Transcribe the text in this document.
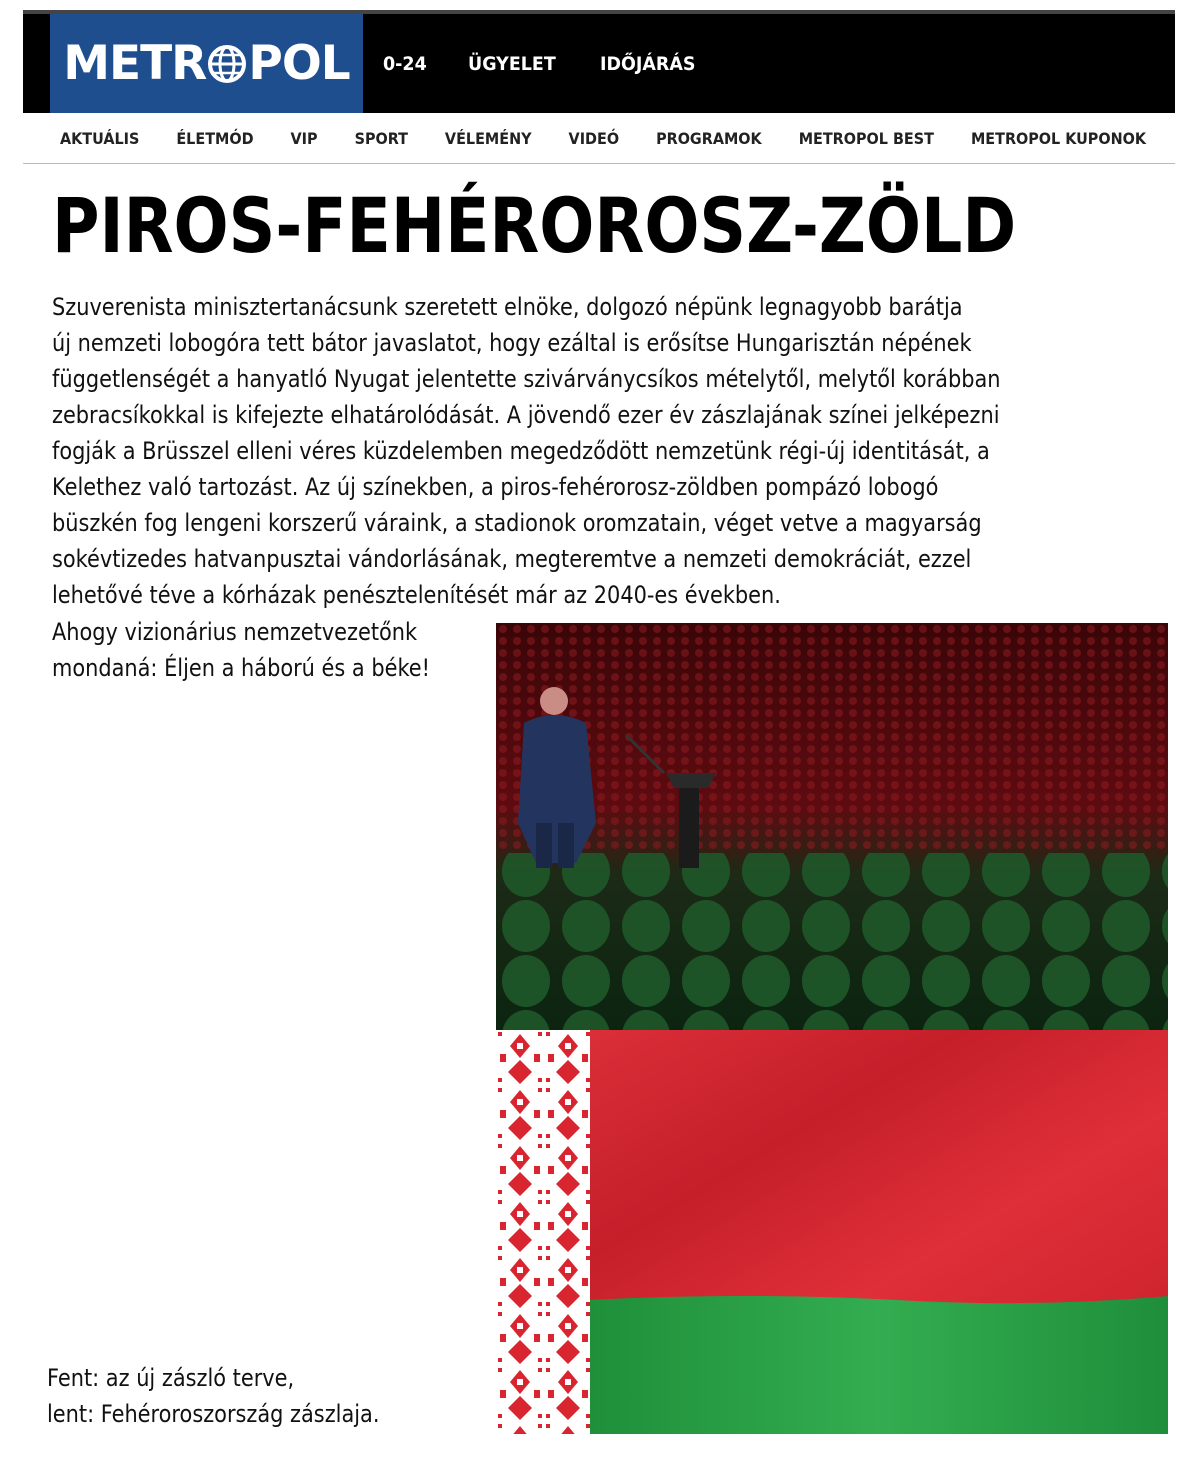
METR POL 0-24 ÜGYELET IDŐJÁRÁS
AKTUÁLIS ÉLETMÓD VIP SPORT VÉLEMÉNY VIDEÓ PROGRAMOK METROPOL BEST METROPOL KUPONOK
PIROS-FEHÉROROSZ-ZÖLD
Szuverenista minisztertanácsunk szeretett elnöke, dolgozó népünk legnagyobb barátja
új nemzeti lobogóra tett bátor javaslatot, hogy ezáltal is erősítse Hungarisztán népének
függetlenségét a hanyatló Nyugat jelentette szivárványcsíkos mételytől, melytől korábban
zebracsíkokkal is kifejezte elhatárolódását. A jövendő ezer év zászlajának színei jelképezni
fogják a Brüsszel elleni véres küzdelemben megedződött nemzetünk régi-új identitását, a
Kelethez való tartozást. Az új színekben, a piros-fehérorosz-zöldben pompázó lobogó
büszkén fog lengeni korszerű váraink, a stadionok oromzatain, véget vetve a magyarság
sokévtizedes hatvanpusztai vándorlásának, megteremtve a nemzeti demokráciát, ezzel
lehetővé téve a kórházak penésztelenítését már az 2040-es években.
Ahogy vizionárius nemzetvezetőnk
mondaná: Éljen a háború és a béke!
Fent: az új zászló terve,
lent: Fehéroroszország zászlaja.
